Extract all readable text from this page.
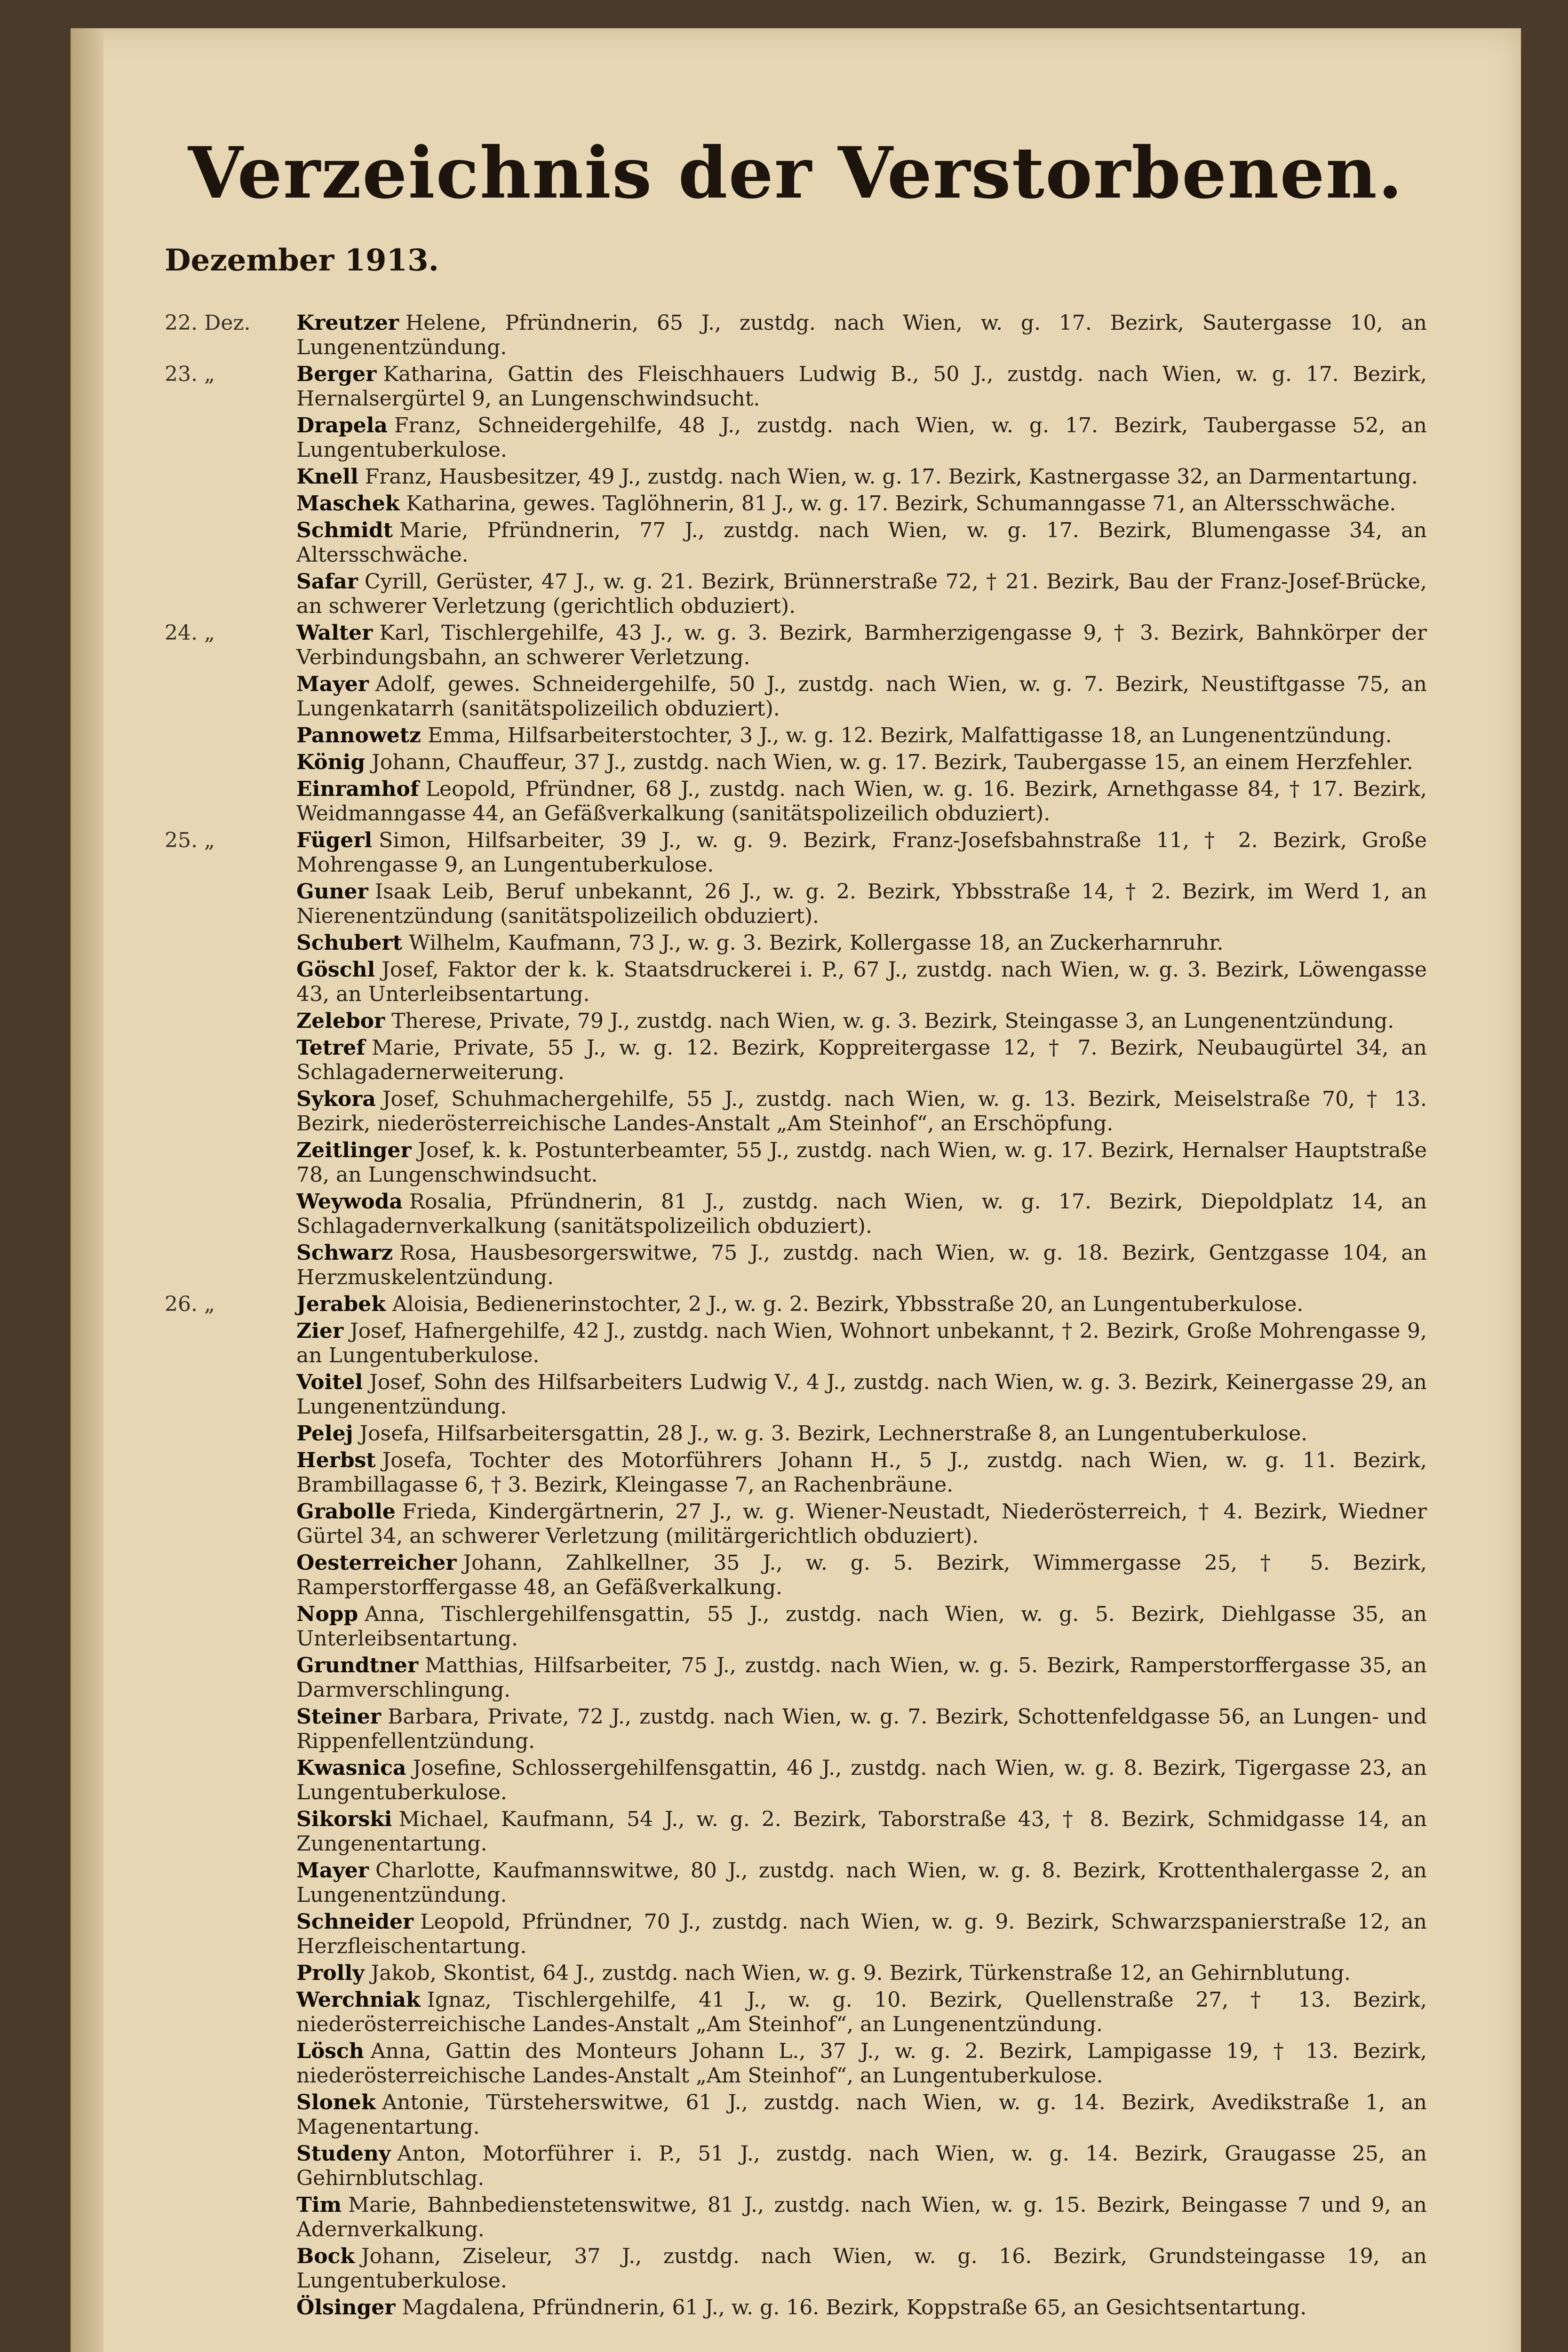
Verzeichnis der Verstorbenen.
Dezember 1913.
22. Dez.	Kreutzer Helene, Pfründnerin, 65 J., zustdg. nach Wien, w. g. 17. Bezirk, Sautergasse 10, an Lungenentzündung.
23. „	Berger Katharina, Gattin des Fleischhauers Ludwig B., 50 J., zustdg. nach Wien, w. g. 17. Bezirk, Hernalsergürtel 9, an Lungenschwindsucht.
Drapela Franz, Schneidergehilfe, 48 J., zustdg. nach Wien, w. g. 17. Bezirk, Taubergasse 52, an Lungentuberkulose.
Knell Franz, Hausbesitzer, 49 J., zustdg. nach Wien, w. g. 17. Bezirk, Kastnergasse 32, an Darmentartung.
Maschek Katharina, gewes. Taglöhnerin, 81 J., w. g. 17. Bezirk, Schumanngasse 71, an Altersschwäche.
Schmidt Marie, Pfründnerin, 77 J., zustdg. nach Wien, w. g. 17. Bezirk, Blumengasse 34, an Altersschwäche.
Safar Cyrill, Gerüster, 47 J., w. g. 21. Bezirk, Brünnerstraße 72, † 21. Bezirk, Bau der Franz-Josef-Brücke, an schwerer Verletzung (gerichtlich obduziert).
24. „	Walter Karl, Tischlergehilfe, 43 J., w. g. 3. Bezirk, Barmherzigengasse 9, † 3. Bezirk, Bahnkörper der Verbindungsbahn, an schwerer Verletzung.
Mayer Adolf, gewes. Schneidergehilfe, 50 J., zustdg. nach Wien, w. g. 7. Bezirk, Neustiftgasse 75, an Lungenkatarrh (sanitätspolizeilich obduziert).
Pannowetz Emma, Hilfsarbeiterstochter, 3 J., w. g. 12. Bezirk, Malfattigasse 18, an Lungenentzündung.
König Johann, Chauffeur, 37 J., zustdg. nach Wien, w. g. 17. Bezirk, Taubergasse 15, an einem Herzfehler.
Einramhof Leopold, Pfründner, 68 J., zustdg. nach Wien, w. g. 16. Bezirk, Arnethgasse 84, † 17. Bezirk, Weidmanngasse 44, an Gefäßverkalkung (sanitätspolizeilich obduziert).
25. „	Fügerl Simon, Hilfsarbeiter, 39 J., w. g. 9. Bezirk, Franz-Josefsbahnstraße 11, † 2. Bezirk, Große Mohrengasse 9, an Lungentuberkulose.
Guner Isaak Leib, Beruf unbekannt, 26 J., w. g. 2. Bezirk, Ybbsstraße 14, † 2. Bezirk, im Werd 1, an Nierenentzündung (sanitätspolizeilich obduziert).
Schubert Wilhelm, Kaufmann, 73 J., w. g. 3. Bezirk, Kollergasse 18, an Zuckerharnruhr.
Göschl Josef, Faktor der k. k. Staatsdruckerei i. P., 67 J., zustdg. nach Wien, w. g. 3. Bezirk, Löwengasse 43, an Unterleibsentartung.
Zelebor Therese, Private, 79 J., zustdg. nach Wien, w. g. 3. Bezirk, Steingasse 3, an Lungenentzündung.
Tetref Marie, Private, 55 J., w. g. 12. Bezirk, Koppreitergasse 12, † 7. Bezirk, Neubaugürtel 34, an Schlagadernerweiterung.
Sykora Josef, Schuhmachergehilfe, 55 J., zustdg. nach Wien, w. g. 13. Bezirk, Meiselstraße 70, † 13. Bezirk, niederösterreichische Landes-Anstalt „Am Steinhof“, an Erschöpfung.
Zeitlinger Josef, k. k. Postunterbeamter, 55 J., zustdg. nach Wien, w. g. 17. Bezirk, Hernalser Hauptstraße 78, an Lungenschwindsucht.
Weywoda Rosalia, Pfründnerin, 81 J., zustdg. nach Wien, w. g. 17. Bezirk, Diepoldplatz 14, an Schlagadernverkalkung (sanitätspolizeilich obduziert).
Schwarz Rosa, Hausbesorgerswitwe, 75 J., zustdg. nach Wien, w. g. 18. Bezirk, Gentzgasse 104, an Herzmuskelentzündung.
26. „	Jerabek Aloisia, Bedienerinstochter, 2 J., w. g. 2. Bezirk, Ybbsstraße 20, an Lungentuberkulose.
Zier Josef, Hafnergehilfe, 42 J., zustdg. nach Wien, Wohnort unbekannt, † 2. Bezirk, Große Mohrengasse 9, an Lungentuberkulose.
Voitel Josef, Sohn des Hilfsarbeiters Ludwig V., 4 J., zustdg. nach Wien, w. g. 3. Bezirk, Keinergasse 29, an Lungenentzündung.
Pelej Josefa, Hilfsarbeitersgattin, 28 J., w. g. 3. Bezirk, Lechnerstraße 8, an Lungentuberkulose.
Herbst Josefa, Tochter des Motorführers Johann H., 5 J., zustdg. nach Wien, w. g. 11. Bezirk, Brambillagasse 6, † 3. Bezirk, Kleingasse 7, an Rachenbräune.
Grabolle Frieda, Kindergärtnerin, 27 J., w. g. Wiener-Neustadt, Niederösterreich, † 4. Bezirk, Wiedner Gürtel 34, an schwerer Verletzung (militärgerichtlich obduziert).
Oesterreicher Johann, Zahlkellner, 35 J., w. g. 5. Bezirk, Wimmergasse 25, † 5. Bezirk, Ramperstorffergasse 48, an Gefäßverkalkung.
Nopp Anna, Tischlergehilfensgattin, 55 J., zustdg. nach Wien, w. g. 5. Bezirk, Diehlgasse 35, an Unterleibsentartung.
Grundtner Matthias, Hilfsarbeiter, 75 J., zustdg. nach Wien, w. g. 5. Bezirk, Ramperstorffergasse 35, an Darmverschlingung.
Steiner Barbara, Private, 72 J., zustdg. nach Wien, w. g. 7. Bezirk, Schottenfeldgasse 56, an Lungen- und Rippenfellentzündung.
Kwasnica Josefine, Schlossergehilfensgattin, 46 J., zustdg. nach Wien, w. g. 8. Bezirk, Tigergasse 23, an Lungentuberkulose.
Sikorski Michael, Kaufmann, 54 J., w. g. 2. Bezirk, Taborstraße 43, † 8. Bezirk, Schmidgasse 14, an Zungenentartung.
Mayer Charlotte, Kaufmannswitwe, 80 J., zustdg. nach Wien, w. g. 8. Bezirk, Krottenthalergasse 2, an Lungenentzündung.
Schneider Leopold, Pfründner, 70 J., zustdg. nach Wien, w. g. 9. Bezirk, Schwarzspanierstraße 12, an Herzfleischentartung.
Prolly Jakob, Skontist, 64 J., zustdg. nach Wien, w. g. 9. Bezirk, Türkenstraße 12, an Gehirnblutung.
Werchniak Ignaz, Tischlergehilfe, 41 J., w. g. 10. Bezirk, Quellenstraße 27, † 13. Bezirk, niederösterreichische Landes-Anstalt „Am Steinhof“, an Lungenentzündung.
Lösch Anna, Gattin des Monteurs Johann L., 37 J., w. g. 2. Bezirk, Lampigasse 19, † 13. Bezirk, niederösterreichische Landes-Anstalt „Am Steinhof“, an Lungentuberkulose.
Slonek Antonie, Türsteherswitwe, 61 J., zustdg. nach Wien, w. g. 14. Bezirk, Avedikstraße 1, an Magenentartung.
Studeny Anton, Motorführer i. P., 51 J., zustdg. nach Wien, w. g. 14. Bezirk, Graugasse 25, an Gehirnblutschlag.
Tim Marie, Bahnbedienstetenswitwe, 81 J., zustdg. nach Wien, w. g. 15. Bezirk, Beingasse 7 und 9, an Adernverkalkung.
Bock Johann, Ziseleur, 37 J., zustdg. nach Wien, w. g. 16. Bezirk, Grundsteingasse 19, an Lungentuberkulose.
Ölsinger Magdalena, Pfründnerin, 61 J., w. g. 16. Bezirk, Koppstraße 65, an Gesichtsentartung.
